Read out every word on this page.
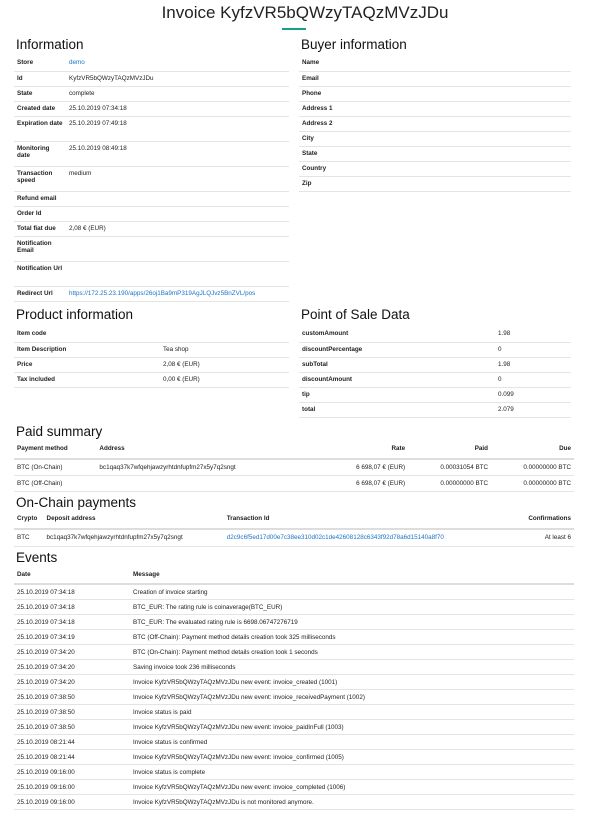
Invoice KyfzVR5bQWzyTAQzMVzJDu
Information
Store	demo
Id	KyfzVR5bQWzyTAQzMVzJDu
State	complete
Created date	25.10.2019 07:34:18
Expiration date	25.10.2019 07:49:18
Monitoring date	25.10.2019 08:49:18
Transaction speed	medium
Refund email	
Order Id	
Total fiat due	2,08 € (EUR)
Notification Email	
Notification Url	
Redirect Url	https://172.25.23.190/apps/26oj1Ba9mP319AgJLQJvz5BnZVL/pos
Buyer information
Name	
Email	
Phone	
Address 1	
Address 2	
City	
State	
Country	
Zip	
Product information
Item code	
Item Description	Tea shop
Price	2,08 € (EUR)
Tax included	0,00 € (EUR)
Point of Sale Data
customAmount	1.98
discountPercentage	0
subTotal	1.98
discountAmount	0
tip	0.099
total	2.079
Paid summary
Payment method	Address	Rate	Paid	Due
BTC (On-Chain)	bc1qaq37k7wfqehjawzyrhtdnfupfm27x5y7q2sngt	6 698,07 € (EUR)	0.00031054 BTC	0.00000000 BTC
BTC (Off-Chain)		6 698,07 € (EUR)	0.00000000 BTC	0.00000000 BTC
On-Chain payments
Crypto	Deposit address	Transaction Id	Confirmations
BTC	bc1qaq37k7wfqehjawzyrhtdnfupfm27x5y7q2sngt	d2c9c6f5ed17d00e7c38ee310d02c1de42608128c6343f92d78a6d15140a8f70	At least 6
Events
Date	Message
25.10.2019 07:34:18	Creation of invoice starting
25.10.2019 07:34:18	BTC_EUR: The rating rule is coinaverage(BTC_EUR)
25.10.2019 07:34:18	BTC_EUR: The evaluated rating rule is 6698.06747276719
25.10.2019 07:34:19	BTC (Off-Chain): Payment method details creation took 325 milliseconds
25.10.2019 07:34:20	BTC (On-Chain): Payment method details creation took 1 seconds
25.10.2019 07:34:20	Saving invoice took 236 milliseconds
25.10.2019 07:34:20	Invoice KyfzVR5bQWzyTAQzMVzJDu new event: invoice_created (1001)
25.10.2019 07:38:50	Invoice KyfzVR5bQWzyTAQzMVzJDu new event: invoice_receivedPayment (1002)
25.10.2019 07:38:50	Invoice status is paid
25.10.2019 07:38:50	Invoice KyfzVR5bQWzyTAQzMVzJDu new event: invoice_paidInFull (1003)
25.10.2019 08:21:44	Invoice status is confirmed
25.10.2019 08:21:44	Invoice KyfzVR5bQWzyTAQzMVzJDu new event: invoice_confirmed (1005)
25.10.2019 09:16:00	Invoice status is complete
25.10.2019 09:16:00	Invoice KyfzVR5bQWzyTAQzMVzJDu new event: invoice_completed (1006)
25.10.2019 09:16:00	Invoice KyfzVR5bQWzyTAQzMVzJDu is not monitored anymore.
